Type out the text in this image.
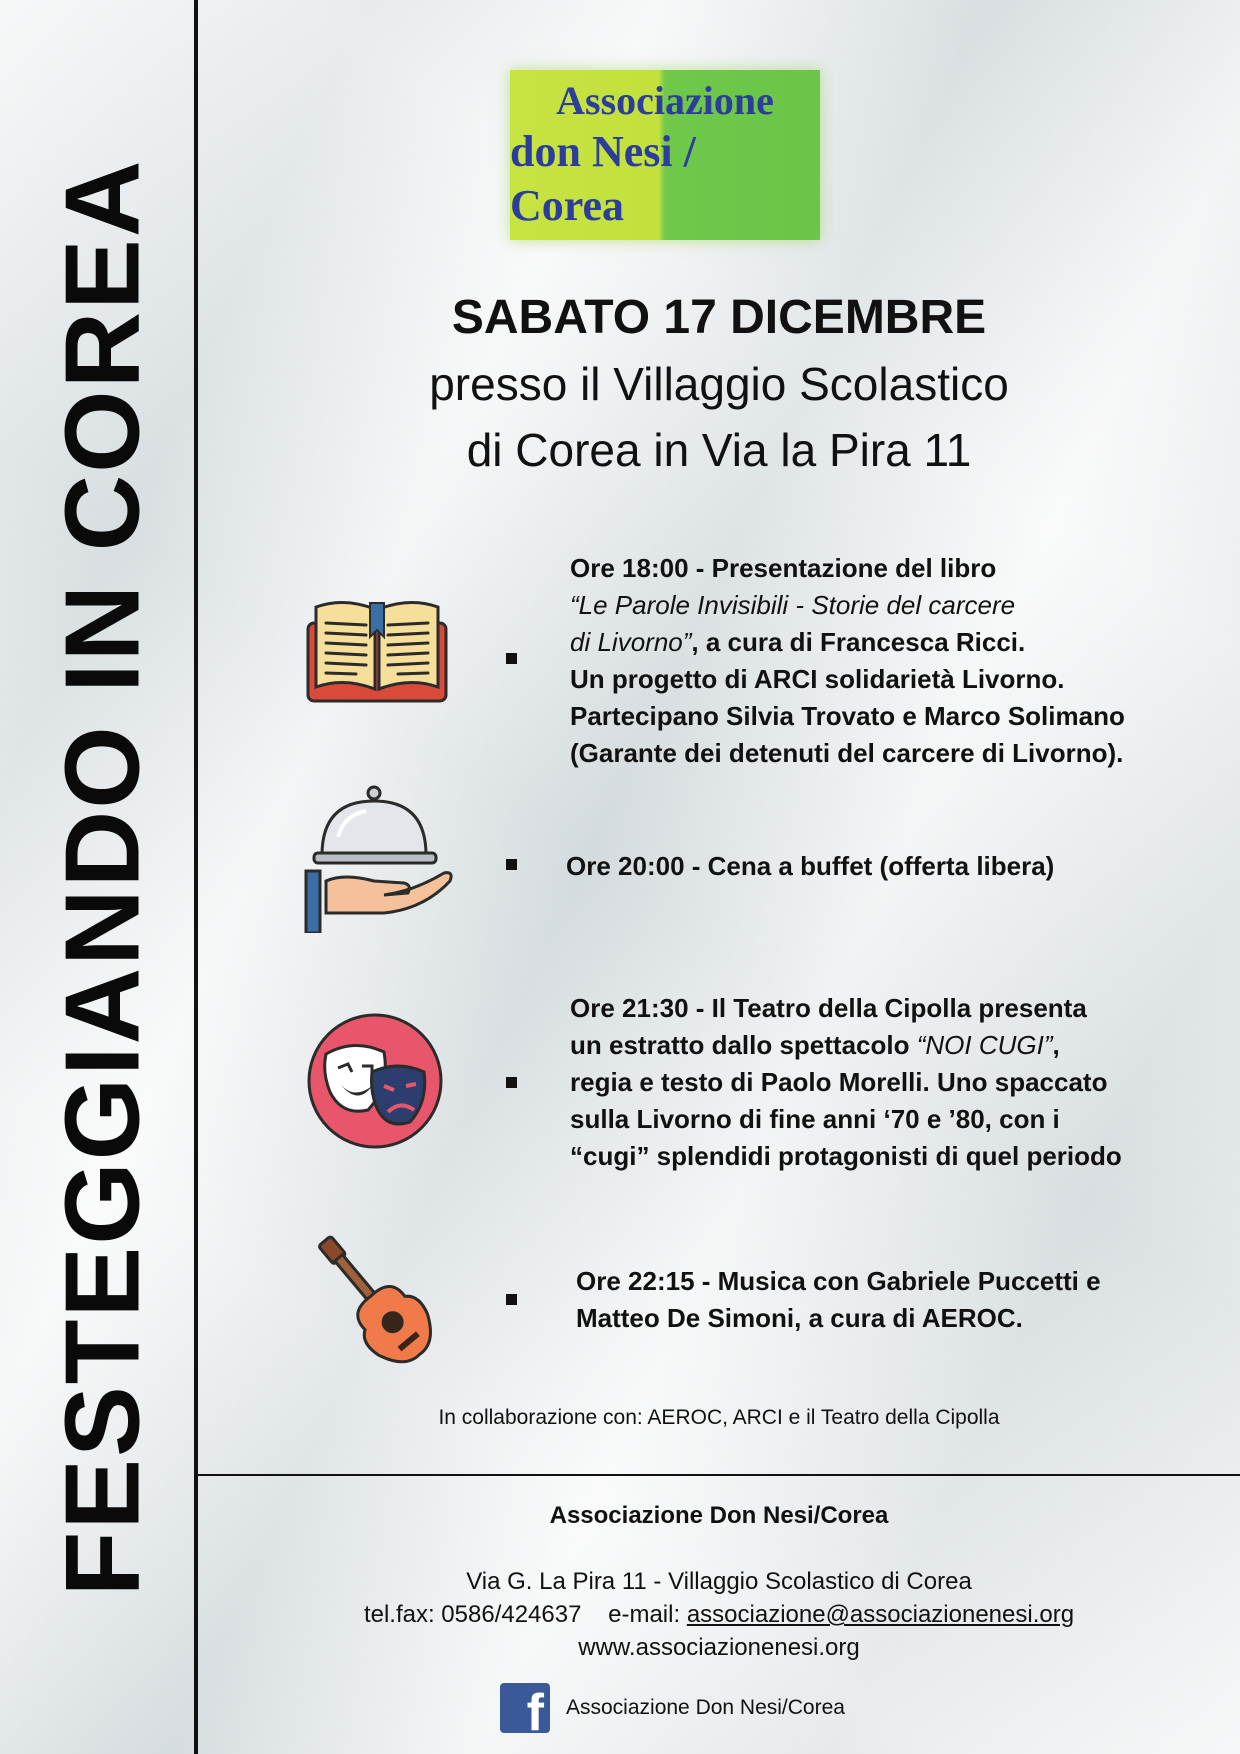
FESTEGGIANDO IN COREA
Associazione
don Nesi / Corea
SABATO 17 DICEMBRE
presso il Villaggio Scolastico
di Corea in Via la Pira 11
Ore 18:00 - Presentazione del libro
“Le Parole Invisibili - Storie del carcere
di Livorno”, a cura di Francesca Ricci.
Un progetto di ARCI solidarietà Livorno.
Partecipano Silvia Trovato e Marco Solimano
(Garante dei detenuti del carcere di Livorno).
Ore 20:00 - Cena a buffet (offerta libera)
Ore 21:30 - Il Teatro della Cipolla presenta
un estratto dallo spettacolo “NOI CUGI”,
regia e testo di Paolo Morelli. Uno spaccato
sulla Livorno di fine anni ‘70 e ’80, con i
“cugi” splendidi protagonisti di quel periodo
Ore 22:15 - Musica con Gabriele Puccetti e
Matteo De Simoni, a cura di AEROC.
In collaborazione con: AEROC, ARCI e il Teatro della Cipolla
Associazione Don Nesi/Corea
Via G. La Pira 11 - Villaggio Scolastico di Corea
tel.fax: 0586/424637 e-mail: associazione@associazionenesi.org
www.associazionenesi.org
f Associazione Don Nesi/Corea
